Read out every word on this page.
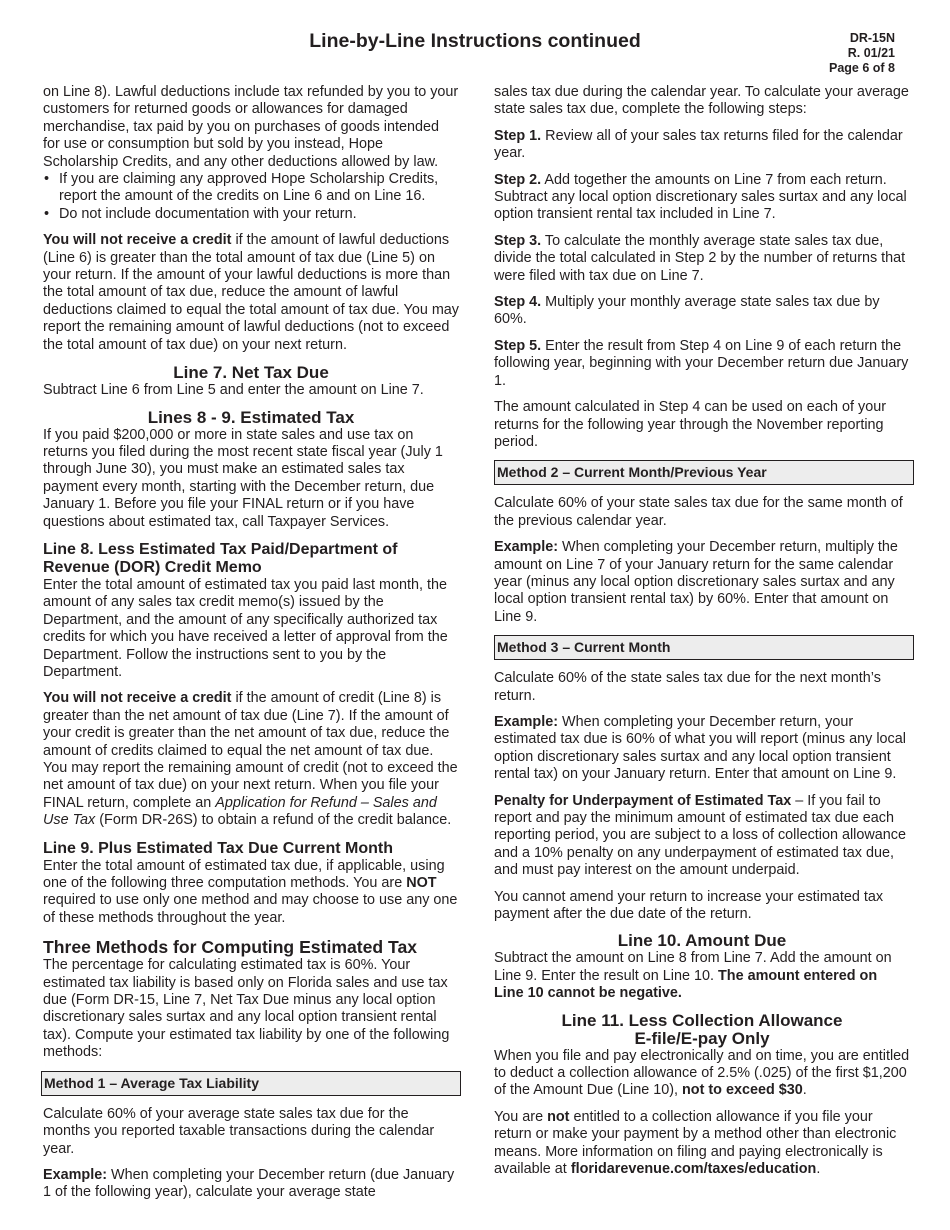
Line-by-Line Instructions continued	DR-15N
R. 01/21
Page 6 of 8

on Line 8). Lawful deductions include tax refunded by you to your customers for returned goods or allowances for damaged merchandise, tax paid by you on purchases of goods intended for use or consumption but sold by you instead, Hope Scholarship Credits, and any other deductions allowed by law.

• If you are claiming any approved Hope Scholarship Credits, report the amount of the credits on Line 6 and on Line 16.
• Do not include documentation with your return.

You will not receive a credit if the amount of lawful deductions (Line 6) is greater than the total amount of tax due (Line 5) on your return. If the amount of your lawful deductions is more than the total amount of tax due, reduce the amount of lawful deductions claimed to equal the total amount of tax due. You may report the remaining amount of lawful deductions (not to exceed the total amount of tax due) on your next return.

Line 7. Net Tax Due

Subtract Line 6 from Line 5 and enter the amount on Line 7.

Lines 8 - 9. Estimated Tax

If you paid $200,000 or more in state sales and use tax on returns you filed during the most recent state fiscal year (July 1 through June 30), you must make an estimated sales tax payment every month, starting with the December return, due January 1. Before you file your FINAL return or if you have questions about estimated tax, call Taxpayer Services.

Line 8. Less Estimated Tax Paid/Department of Revenue (DOR) Credit Memo

Enter the total amount of estimated tax you paid last month, the amount of any sales tax credit memo(s) issued by the Department, and the amount of any specifically authorized tax credits for which you have received a letter of approval from the Department. Follow the instructions sent to you by the Department.

You will not receive a credit if the amount of credit (Line 8) is greater than the net amount of tax due (Line 7). If the amount of your credit is greater than the net amount of tax due, reduce the amount of credits claimed to equal the net amount of tax due. You may report the remaining amount of credit (not to exceed the net amount of tax due) on your next return. When you file your FINAL return, complete an Application for Refund – Sales and Use Tax (Form DR-26S) to obtain a refund of the credit balance.

Line 9. Plus Estimated Tax Due Current Month

Enter the total amount of estimated tax due, if applicable, using one of the following three computation methods. You are NOT required to use only one method and may choose to use any one of these methods throughout the year.

Three Methods for Computing Estimated Tax

The percentage for calculating estimated tax is 60%. Your estimated tax liability is based only on Florida sales and use tax due (Form DR-15, Line 7, Net Tax Due minus any local option discretionary sales surtax and any local option transient rental tax). Compute your estimated tax liability by one of the following methods:

Method 1 – Average Tax Liability

Calculate 60% of your average state sales tax due for the months you reported taxable transactions during the calendar year.

Example: When completing your December return (due January 1 of the following year), calculate your average state

sales tax due during the calendar year. To calculate your average state sales tax due, complete the following steps:

Step 1. Review all of your sales tax returns filed for the calendar year.

Step 2. Add together the amounts on Line 7 from each return. Subtract any local option discretionary sales surtax and any local option transient rental tax included in Line 7.

Step 3. To calculate the monthly average state sales tax due, divide the total calculated in Step 2 by the number of returns that were filed with tax due on Line 7.

Step 4. Multiply your monthly average state sales tax due by 60%.

Step 5. Enter the result from Step 4 on Line 9 of each return the following year, beginning with your December return due January 1.

The amount calculated in Step 4 can be used on each of your returns for the following year through the November reporting period.

Method 2 – Current Month/Previous Year

Calculate 60% of your state sales tax due for the same month of the previous calendar year.

Example: When completing your December return, multiply the amount on Line 7 of your January return for the same calendar year (minus any local option discretionary sales surtax and any local option transient rental tax) by 60%. Enter that amount on Line 9.

Method 3 – Current Month

Calculate 60% of the state sales tax due for the next month’s return.

Example: When completing your December return, your estimated tax due is 60% of what you will report (minus any local option discretionary sales surtax and any local option transient rental tax) on your January return. Enter that amount on Line 9.

Penalty for Underpayment of Estimated Tax – If you fail to report and pay the minimum amount of estimated tax due each reporting period, you are subject to a loss of collection allowance and a 10% penalty on any underpayment of estimated tax due, and must pay interest on the amount underpaid.

You cannot amend your return to increase your estimated tax payment after the due date of the return.

Line 10. Amount Due

Subtract the amount on Line 8 from Line 7. Add the amount on Line 9. Enter the result on Line 10. The amount entered on Line 10 cannot be negative.

Line 11. Less Collection Allowance
E-file/E-pay Only

When you file and pay electronically and on time, you are entitled to deduct a collection allowance of 2.5% (.025) of the first $1,200 of the Amount Due (Line 10), not to exceed $30.

You are not entitled to a collection allowance if you file your return or make your payment by a method other than electronic means. More information on filing and paying electronically is available at floridarevenue.com/taxes/education.
